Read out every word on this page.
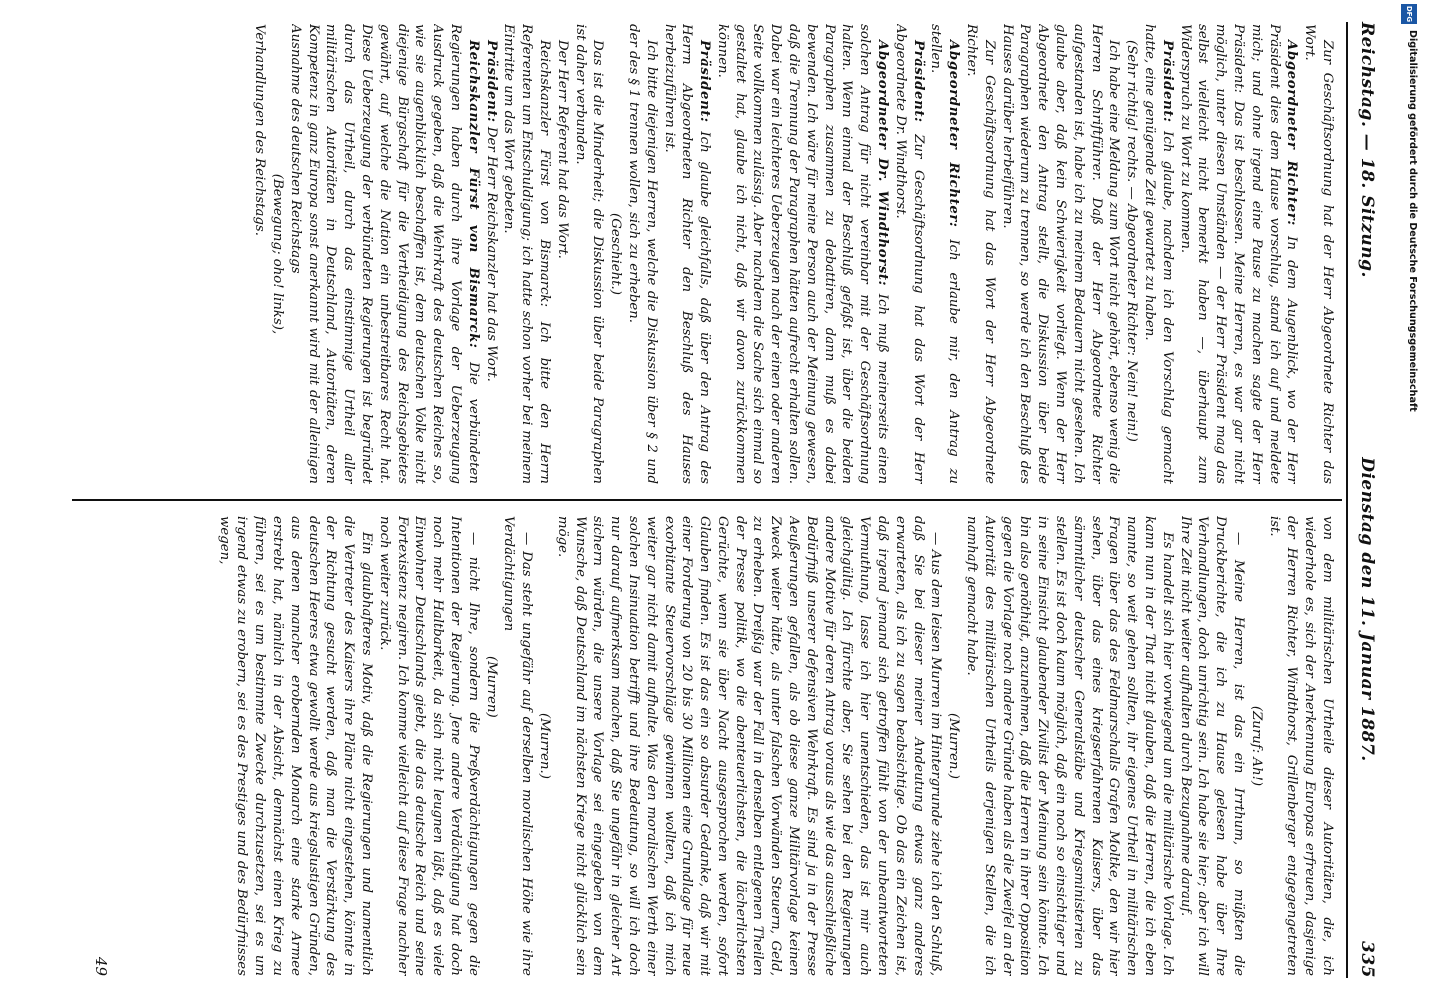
Reichstag. — 18. Sitzung.
Dienstag den 11. Januar 1887.
335

Zur Geschäftsordnung hat der Herr Abgeordnete Richter das Wort.

Abgeordneter Richter: In dem Augenblick, wo der Herr Präsident dies dem Hause vorschlug, stand ich auf und meldete mich; und ohne irgend eine Pause zu machen sagte der Herr Präsident: Das ist beschlossen. Meine Herren, es war gar nicht möglich, unter diesen Umständen — der Herr Präsident mag das selbst vielleicht nicht bemerkt haben —, überhaupt zum Widerspruch zu Wort zu kommen.

Präsident: Ich glaube, nachdem ich den Vorschlag gemacht hatte, eine genügende Zeit gewartet zu haben.

(Sehr richtig! rechts. — Abgeordneter Richter: Nein! nein!)

Ich habe eine Meldung zum Wort nicht gehört, ebenso wenig die Herren Schriftführer. Daß der Herr Abgeordnete Richter aufgestanden ist, habe ich zu meinem Bedauern nicht gesehen. Ich glaube aber, daß kein Schwierigkeit vorliegt. Wenn der Herr Abgeordnete den Antrag stellt, die Diskussion über beide Paragraphen wiederum zu trennen, so werde ich den Beschluß des Hauses darüber herbeiführen.

Zur Geschäftsordnung hat das Wort der Herr Abgeordnete Richter.

Abgeordneter Richter: Ich erlaube mir, den Antrag zu stellen.

Präsident: Zur Geschäftsordnung hat das Wort der Herr Abgeordnete Dr. Windthorst.

Abgeordneter Dr. Windthorst: Ich muß meinerseits einen solchen Antrag für nicht vereinbar mit der Geschäftsordnung halten. Wenn einmal der Beschluß gefaßt ist, über die beiden Paragraphen zusammen zu debattiren, dann muß es dabei bewenden. Ich wäre für meine Person auch der Meinung gewesen, daß die Trennung der Paragraphen hätten aufrecht erhalten sollen. Dabei war ein leichteres Ueberzeugen nach der einen oder anderen Seite vollkommen zulässig. Aber nachdem die Sache sich einmal so gestaltet hat, glaube ich nicht, daß wir davon zurückkommen können.

Präsident: Ich glaube gleichfalls, daß über den Antrag des Herrn Abgeordneten Richter den Beschluß des Hauses herbeizuführen ist.

Ich bitte diejenigen Herren, welche die Diskussion über § 2 und der des § 1 trennen wollen, sich zu erheben.

(Geschieht.)

Das ist die Minderheit; die Diskussion über beide Paragraphen ist daher verbunden.

Der Herr Referent hat das Wort.

Reichskanzler Fürst von Bismarck: Ich bitte den Herrn Referenten um Entschuldigung; ich hatte schon vorher bei meinem Eintritte um das Wort gebeten.

Präsident: Der Herr Reichskanzler hat das Wort.

Reichskanzler Fürst von Bismarck: Die verbündeten Regierungen haben durch ihre Vorlage der Ueberzeugung Ausdruck gegeben, daß die Wehrkraft des deutschen Reiches so, wie sie augenblicklich beschaffen ist, dem deutschen Volke nicht diejenige Bürgschaft für die Vertheidigung des Reichsgebietes gewährt, auf welche die Nation ein unbestreitbares Recht hat. Diese Ueberzeugung der verbündeten Regierungen ist begründet durch das Urtheil, durch das einstimmige Urtheil aller militärischen Autoritäten in Deutschland, Autoritäten, deren Kompetenz in ganz Europa sonst anerkannt wird mit der alleinigen Ausnahme des deutschen Reichstags

(Bewegung; oho! links),

Verhandlungen des Reichstags.

von dem militärischen Urtheile dieser Autoritäten, die, ich wiederhole es, sich der Anerkennung Europas erfreuen, dasjenige der Herren Richter, Windthorst, Grillenberger entgegengetreten ist.

(Zuruf: Ah!)

— Meine Herren, ist das ein Irrthum, so müßten die Druckberichte, die ich zu Hause gelesen habe über Ihre Verhandlungen, doch unrichtig sein. Ich habe sie hier; aber ich will Ihre Zeit nicht weiter aufhalten durch Bezugnahme darauf.

Es handelt sich hier vorwiegend um die militärische Vorlage. Ich kann nun in der That nicht glauben, daß die Herren, die ich eben nannte, so weit gehen sollten, ihr eigenes Urtheil in militärischen Fragen über das des Feldmarschalls Grafen Moltke, den wir hier sehen, über das eines kriegserfahrenen Kaisers, über das sämmtlicher deutscher Generalstäbe und Kriegsministerien zu stellen. Es ist doch kaum möglich, daß ein noch so einsichtiger und in seine Einsicht glaubender Zivilist der Meinung sein könnte. Ich bin also genöthigt, anzunehmen, daß die Herren in ihrer Opposition gegen die Vorlage noch andere Gründe haben als die Zweifel an der Autorität des militärischen Urtheils derjenigen Stellen, die ich namhaft gemacht habe.

(Murren.)

— Aus dem leisen Murren im Hintergrunde ziehe ich den Schluß, daß Sie bei dieser meiner Andeutung etwas ganz anderes erwarteten, als ich zu sagen beabsichtige. Ob das ein Zeichen ist, daß irgend jemand sich getroffen fühlt von der unbeantworteten Vermuthung, lasse ich hier unentschieden, das ist mir auch gleichgültig. Ich fürchte aber, Sie sehen bei den Regierungen andere Motive für deren Antrag voraus als wie das ausschließliche Bedürfniß unserer defensiven Wehrkraft. Es sind ja in der Presse Aeußerungen gefallen, als ob diese ganze Militärvorlage keinen Zweck weiter hätte, als unter falschen Vorwänden Steuern, Geld, zu erheben. Dreißig war der Fall in denselben entlegenen Theilen der Presse politik, wo die abenteuerlichsten, die lächerlichsten Gerüchte, wenn sie über Nacht ausgesprochen werden, sofort Glauben finden. Es ist das ein so absurder Gedanke, daß wir mit einer Forderung von 20 bis 30 Millionen eine Grundlage für neue exorbitante Steuervorschläge gewinnen wollten, daß ich mich weiter gar nicht damit aufhalte. Was den moralischen Werth einer solchen Insinuation betrifft und ihre Bedeutung, so will ich doch nur darauf aufmerksam machen, daß Sie ungefähr in gleicher Art sichern würden, die unsere Vorlage sei eingegeben von dem Wunsche, daß Deutschland im nächsten Kriege nicht glücklich sein möge.

(Murren.)

— Das steht ungefähr auf derselben moralischen Höhe wie ihre Verdächtigungen

(Murren)

— nicht Ihre, sondern die Preßverdächtigungen gegen die Intentionen der Regierung. Jene andere Verdächtigung hat doch noch mehr Haltbarkeit, da sich nicht leugnen läßt, daß es viele Einwohner Deutschlands giebt, die das deutsche Reich und seine Fortexistenz negiren. Ich komme vielleicht auf diese Frage nachher noch weiter zurück.

Ein glaubhafteres Motiv, daß die Regierungen und namentlich die Vertreter des Kaisers ihre Pläne nicht eingestehen, könnte in der Richtung gesucht werden, daß man die Verstärkung des deutschen Heeres etwa gewollt werde aus kriegslustigen Gründen, aus denen mancher erobernden Monarch eine starke Armee erstrebt hat, nämlich in der Absicht, demnächst einen Krieg zu führen, sei es um bestimmte Zwecke durchzusetzen, sei es um irgend etwas zu erobern, sei es des Prestiges und des Bedürfnisses wegen,

49
DFG
Digitalisierung gefördert durch die Deutsche Forschungsgemeinschaft
